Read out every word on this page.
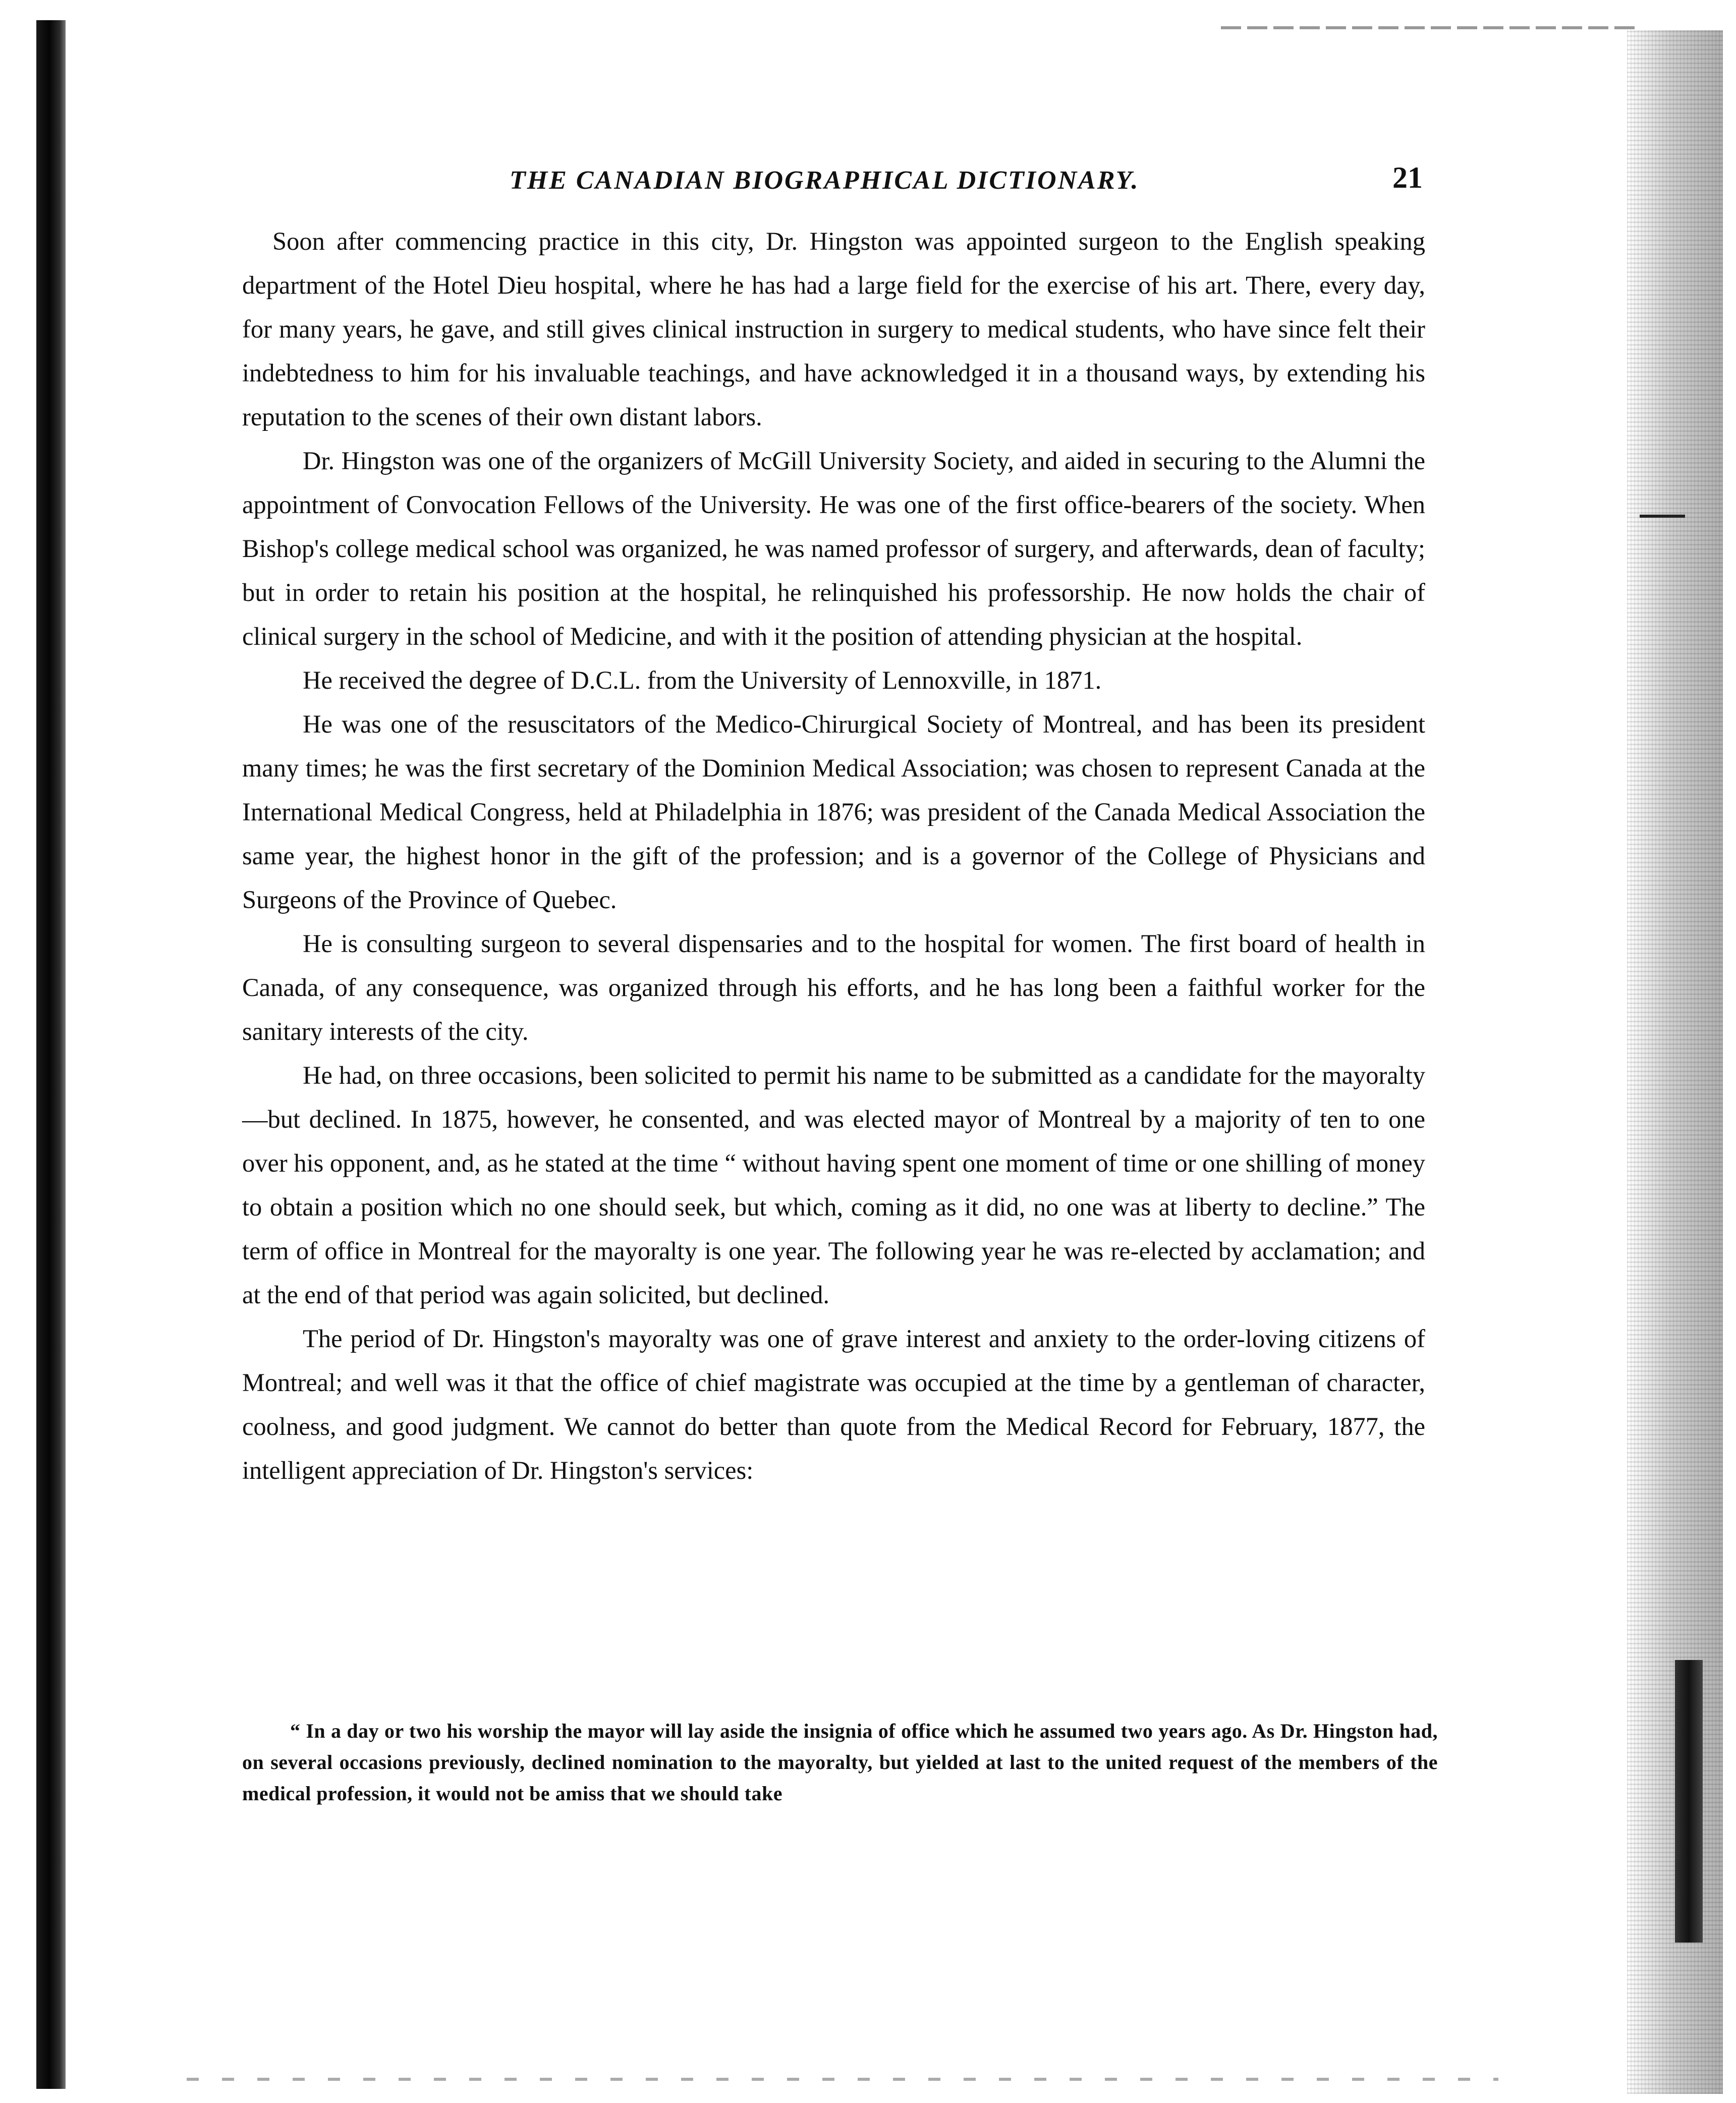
THE CANADIAN BIOGRAPHICAL DICTIONARY.	21

Soon after commencing practice in this city, Dr. Hingston was appointed surgeon to the English speaking department of the Hotel Dieu hospital, where he has had a large field for the exercise of his art. There, every day, for many years, he gave, and still gives clinical instruction in surgery to medical students, who have since felt their indebtedness to him for his invaluable teachings, and have acknowledged it in a thousand ways, by extending his reputation to the scenes of their own distant labors.

Dr. Hingston was one of the organizers of McGill University Society, and aided in securing to the Alumni the appointment of Convocation Fellows of the University. He was one of the first office-bearers of the society. When Bishop's college medical school was organized, he was named professor of surgery, and afterwards, dean of faculty; but in order to retain his position at the hospital, he relinquished his professorship. He now holds the chair of clinical surgery in the school of Medicine, and with it the position of attending physician at the hospital.

He received the degree of D.C.L. from the University of Lennoxville, in 1871.

He was one of the resuscitators of the Medico-Chirurgical Society of Montreal, and has been its president many times; he was the first secretary of the Dominion Medical Association; was chosen to represent Canada at the International Medical Congress, held at Philadelphia in 1876; was president of the Canada Medical Association the same year, the highest honor in the gift of the profession; and is a governor of the College of Physicians and Surgeons of the Province of Quebec.

He is consulting surgeon to several dispensaries and to the hospital for women. The first board of health in Canada, of any consequence, was organized through his efforts, and he has long been a faithful worker for the sanitary interests of the city.

He had, on three occasions, been solicited to permit his name to be submitted as a candidate for the mayoralty—but declined. In 1875, however, he consented, and was elected mayor of Montreal by a majority of ten to one over his opponent, and, as he stated at the time “ without having spent one moment of time or one shilling of money to obtain a position which no one should seek, but which, coming as it did, no one was at liberty to decline.” The term of office in Montreal for the mayoralty is one year. The following year he was re-elected by acclamation; and at the end of that period was again solicited, but declined.

The period of Dr. Hingston's mayoralty was one of grave interest and anxiety to the order-loving citizens of Montreal; and well was it that the office of chief magistrate was occupied at the time by a gentleman of character, coolness, and good judgment. We cannot do better than quote from the Medical Record for February, 1877, the intelligent appreciation of Dr. Hingston's services:

“ In a day or two his worship the mayor will lay aside the insignia of office which he assumed two years ago. As Dr. Hingston had, on several occasions previously, declined nomination to the mayoralty, but yielded at last to the united request of the members of the medical profession, it would not be amiss that we should take
